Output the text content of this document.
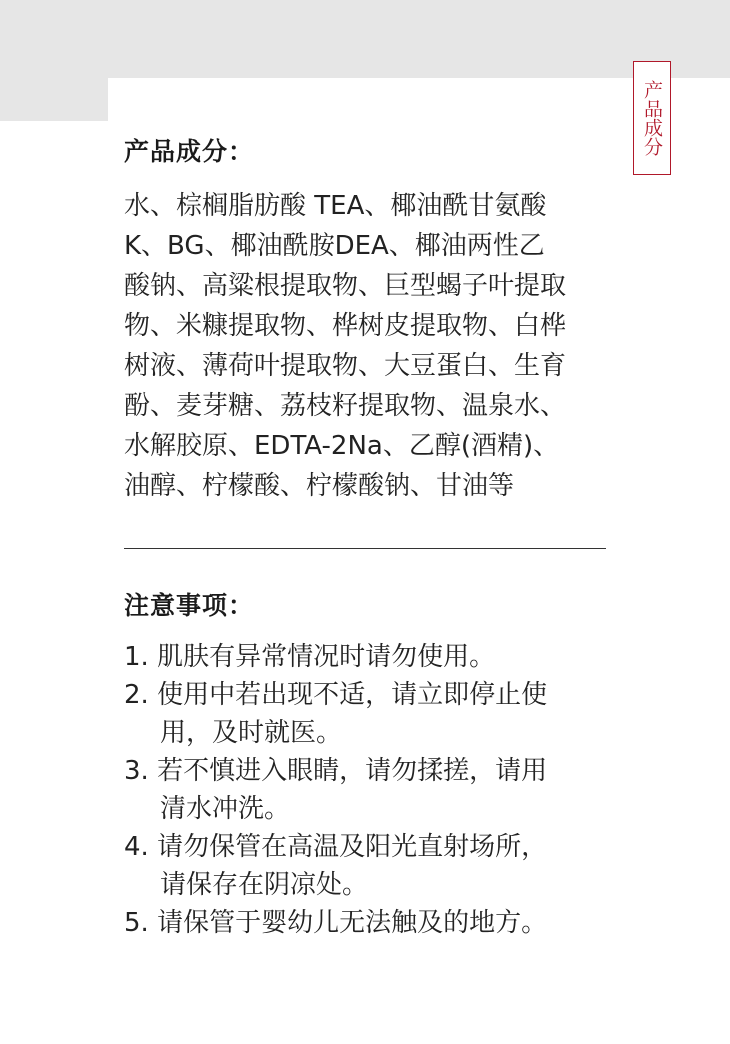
产品成分
产品成分：
水、棕榈脂肪酸 TEA、椰油酰甘氨酸
K、BG、椰油酰胺DEA、椰油两性乙
酸钠、高粱根提取物、巨型蝎子叶提取
物、米糠提取物、桦树皮提取物、白桦
树液、薄荷叶提取物、大豆蛋白、生育
酚、麦芽糖、荔枝籽提取物、温泉水、
水解胶原、EDTA-2Na、乙醇(酒精)、
油醇、柠檬酸、柠檬酸钠、甘油等
注意事项：
1. 肌肤有异常情况时请勿使用。
2. 使用中若出现不适，请立即停止使
用，及时就医。
3. 若不慎进入眼睛，请勿揉搓，请用
清水冲洗。
4. 请勿保管在高温及阳光直射场所，
请保存在阴凉处。
5. 请保管于婴幼儿无法触及的地方。
